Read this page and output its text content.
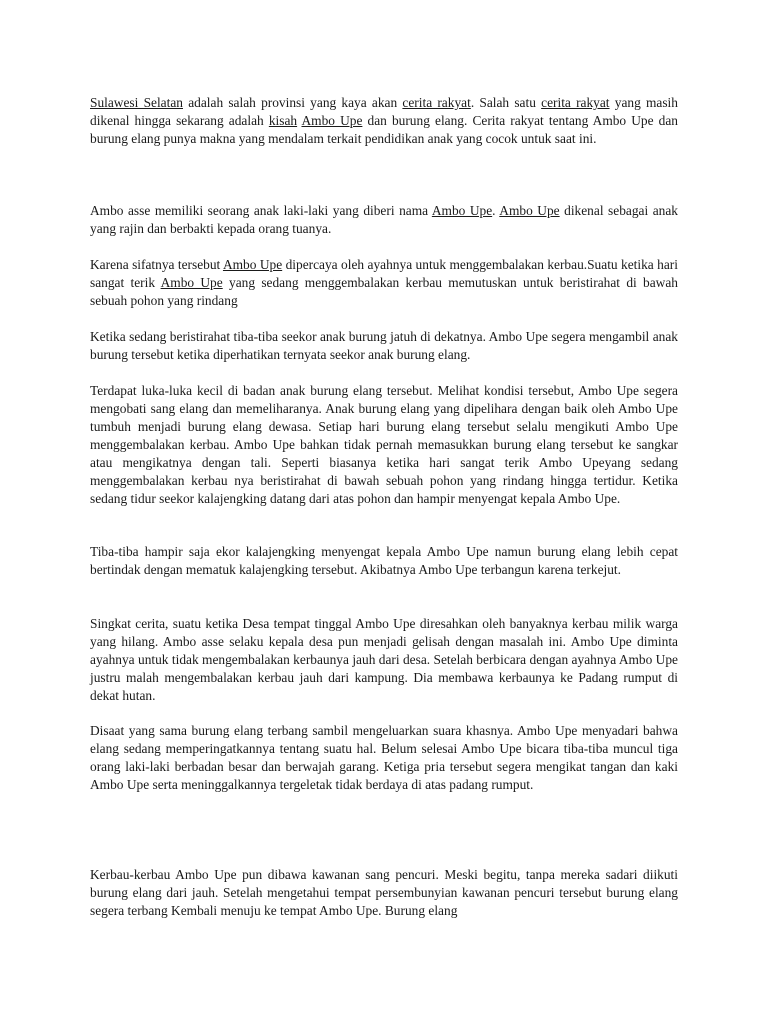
Sulawesi Selatan adalah salah provinsi yang kaya akan cerita rakyat. Salah satu cerita rakyat yang masih dikenal hingga sekarang adalah kisah Ambo Upe dan burung elang. Cerita rakyat tentang Ambo Upe dan burung elang punya makna yang mendalam terkait pendidikan anak yang cocok untuk saat ini.

Ambo asse memiliki seorang anak laki-laki yang diberi nama Ambo Upe. Ambo Upe dikenal sebagai anak yang rajin dan berbakti kepada orang tuanya.

Karena sifatnya tersebut Ambo Upe dipercaya oleh ayahnya untuk menggembalakan kerbau.Suatu ketika hari sangat terik Ambo Upe yang sedang menggembalakan kerbau memutuskan untuk beristirahat di bawah sebuah pohon yang rindang

Ketika sedang beristirahat tiba-tiba seekor anak burung jatuh di dekatnya. Ambo Upe segera mengambil anak burung tersebut ketika diperhatikan ternyata seekor anak burung elang.

Terdapat luka-luka kecil di badan anak burung elang tersebut. Melihat kondisi tersebut, Ambo Upe segera mengobati sang elang dan memeliharanya. Anak burung elang yang dipelihara dengan baik oleh Ambo Upe tumbuh menjadi burung elang dewasa. Setiap hari burung elang tersebut selalu mengikuti Ambo Upe menggembalakan kerbau. Ambo Upe bahkan tidak pernah memasukkan burung elang tersebut ke sangkar atau mengikatnya dengan tali. Seperti biasanya ketika hari sangat terik Ambo Upeyang sedang menggembalakan kerbau nya beristirahat di bawah sebuah pohon yang rindang hingga tertidur. Ketika sedang tidur seekor kalajengking datang dari atas pohon dan hampir menyengat kepala Ambo Upe.

Tiba-tiba hampir saja ekor kalajengking menyengat kepala Ambo Upe namun burung elang lebih cepat bertindak dengan mematuk kalajengking tersebut. Akibatnya Ambo Upe terbangun karena terkejut.

Singkat cerita, suatu ketika Desa tempat tinggal Ambo Upe diresahkan oleh banyaknya kerbau milik warga yang hilang. Ambo asse selaku kepala desa pun menjadi gelisah dengan masalah ini. Ambo Upe diminta ayahnya untuk tidak mengembalakan kerbaunya jauh dari desa. Setelah berbicara dengan ayahnya Ambo Upe justru malah mengembalakan kerbau jauh dari kampung. Dia membawa kerbaunya ke Padang rumput di dekat hutan.

Disaat yang sama burung elang terbang sambil mengeluarkan suara khasnya. Ambo Upe menyadari bahwa elang sedang memperingatkannya tentang suatu hal. Belum selesai Ambo Upe bicara tiba-tiba muncul tiga orang laki-laki berbadan besar dan berwajah garang. Ketiga pria tersebut segera mengikat tangan dan kaki Ambo Upe serta meninggalkannya tergeletak tidak berdaya di atas padang rumput.

Kerbau-kerbau Ambo Upe pun dibawa kawanan sang pencuri. Meski begitu, tanpa mereka sadari diikuti burung elang dari jauh. Setelah mengetahui tempat persembunyian kawanan pencuri tersebut burung elang segera terbang Kembali menuju ke tempat Ambo Upe. Burung elang
